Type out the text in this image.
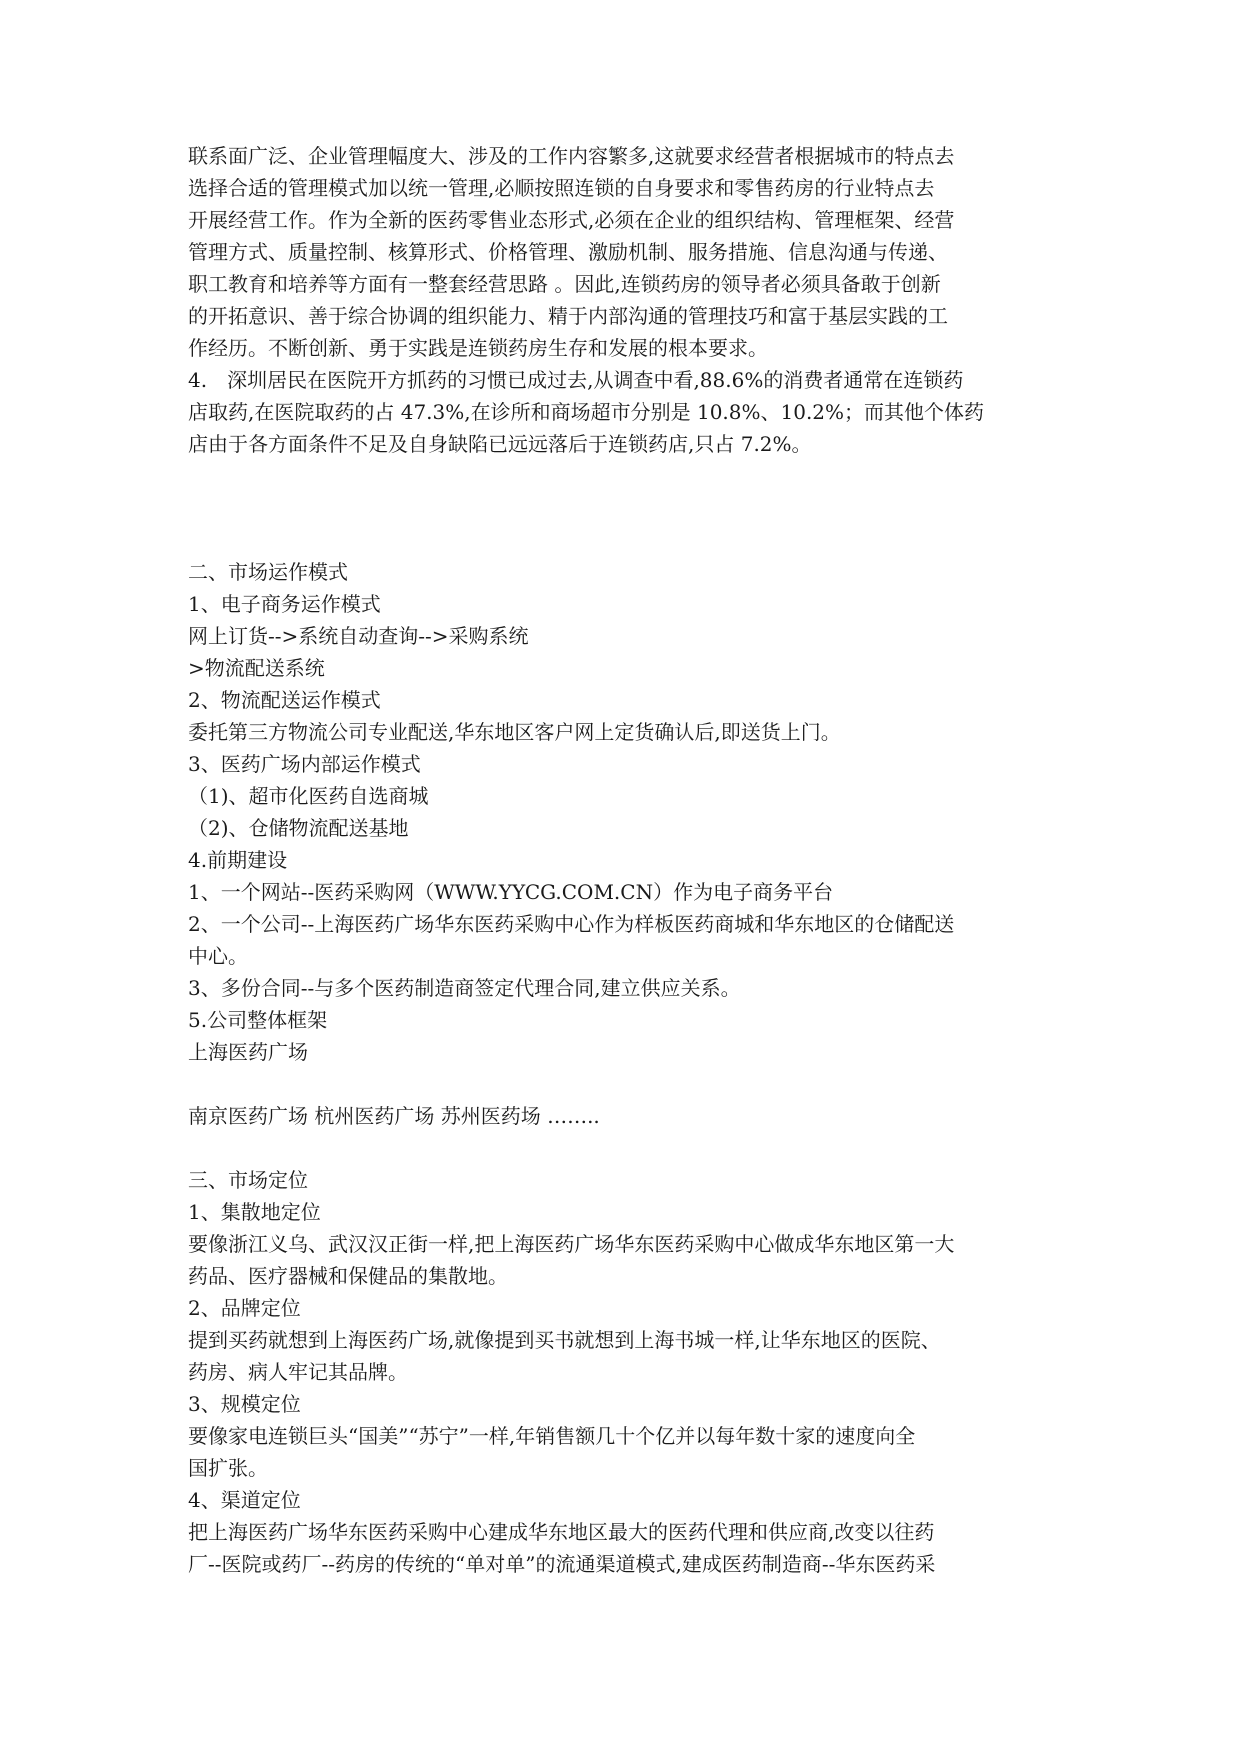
联系面广泛、企业管理幅度大、涉及的工作内容繁多,这就要求经营者根据城市的特点去
选择合适的管理模式加以统一管理,必顺按照连锁的自身要求和零售药房的行业特点去
开展经营工作。作为全新的医药零售业态形式,必须在企业的组织结构、管理框架、经营
管理方式、质量控制、核算形式、价格管理、激励机制、服务措施、信息沟通与传递、
职工教育和培养等方面有一整套经营思路 。因此,连锁药房的领导者必须具备敢于创新
的开拓意识、善于综合协调的组织能力、精于内部沟通的管理技巧和富于基层实践的工
作经历。不断创新、勇于实践是连锁药房生存和发展的根本要求。
4.　深圳居民在医院开方抓药的习惯已成过去,从调查中看,88.6%的消费者通常在连锁药
店取药,在医院取药的占 47.3%,在诊所和商场超市分别是 10.8%、10.2%；而其他个体药
店由于各方面条件不足及自身缺陷已远远落后于连锁药店,只占 7.2%。
二、市场运作模式
1、电子商务运作模式
网上订货-->系统自动查询-->采购系统
>物流配送系统
2、物流配送运作模式
委托第三方物流公司专业配送,华东地区客户网上定货确认后,即送货上门。
3、医药广场内部运作模式
（1)、超市化医药自选商城
（2)、仓储物流配送基地
4.前期建设
1、一个网站--医药采购网（WWW.YYCG.COM.CN）作为电子商务平台
2、一个公司--上海医药广场华东医药采购中心作为样板医药商城和华东地区的仓储配送
中心。
3、多份合同--与多个医药制造商签定代理合同,建立供应关系。
5.公司整体框架
上海医药广场
南京医药广场 杭州医药广场 苏州医药场 ……..
三、市场定位
1、集散地定位
要像浙江义乌、武汉汉正街一样,把上海医药广场华东医药采购中心做成华东地区第一大
药品、医疗器械和保健品的集散地。
2、品牌定位
提到买药就想到上海医药广场,就像提到买书就想到上海书城一样,让华东地区的医院、
药房、病人牢记其品牌。
3、规模定位
要像家电连锁巨头“国美”“苏宁”一样,年销售额几十个亿并以每年数十家的速度向全
国扩张。
4、渠道定位
把上海医药广场华东医药采购中心建成华东地区最大的医药代理和供应商,改变以往药
厂--医院或药厂--药房的传统的“单对单”的流通渠道模式,建成医药制造商--华东医药采
